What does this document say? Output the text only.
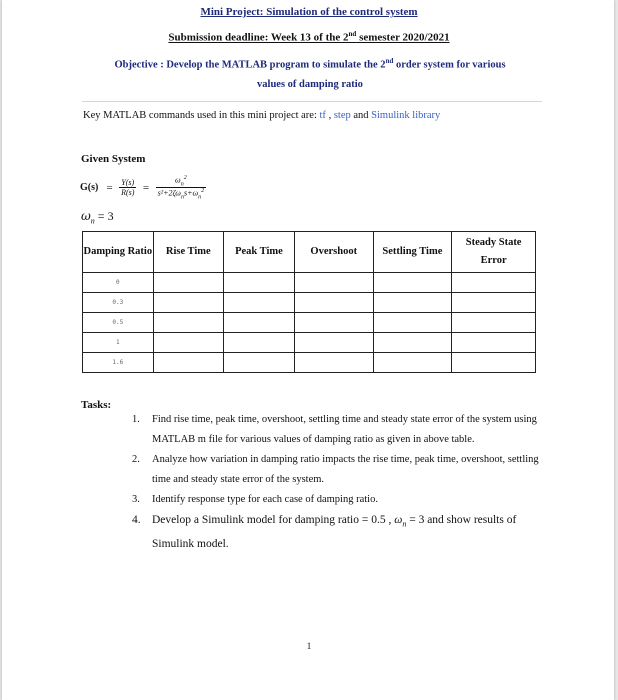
Mini Project: Simulation of the control system
Submission deadline: Week 13 of the 2nd semester 2020/2021
Objective : Develop the MATLAB program to simulate the 2nd order system for various
values of damping ratio
Key MATLAB commands used in this mini project are: tf , step and Simulink library
Given System
$G(s) = \frac{Y(s)}{R(s)} = \frac{\omega_n^2}{s^2+2\zeta\omega_ns+\omega_n^2}$
$\omega_n = 3$
Damping Ratio	Rise Time	Peak Time	Overshoot	Settling Time	Steady State Error
0					
0.3					
0.5					
1					
1.6					
Tasks:
1. Find rise time, peak time, overshoot, settling time and steady state error of the system using MATLAB m file for various values of damping ratio as given in above table.
2. Analyze how variation in damping ratio impacts the rise time, peak time, overshoot, settling time and steady state error of the system.
3. Identify response type for each case of damping ratio.
4. Develop a Simulink model for damping ratio = 0.5 , $\omega_n = 3$ and show results of Simulink model.
1
